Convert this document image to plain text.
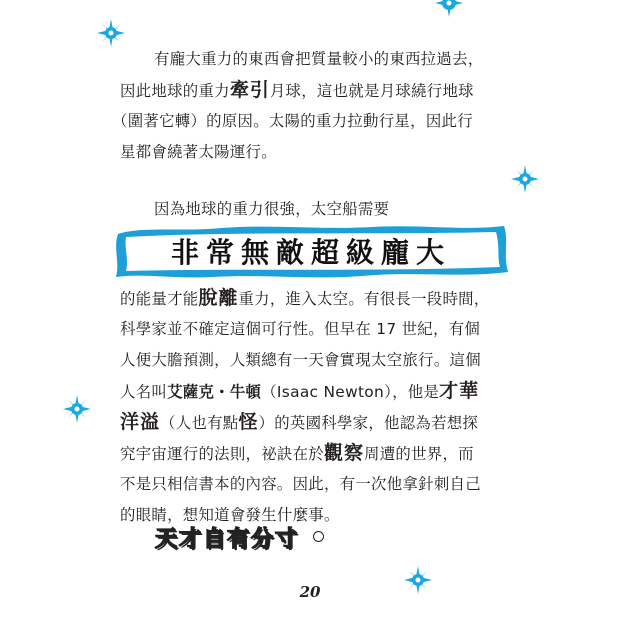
有龐大重力的東西會把質量較小的東西拉過去，
因此地球的重力牽引月球，這也就是月球繞行地球
（圍著它轉）的原因。太陽的重力拉動行星，因此行
星都會繞著太陽運行。
因為地球的重力很強，太空船需要
非常無敵超級龐大
的能量才能脫離重力，進入太空。有很長一段時間，
科學家並不確定這個可行性。但早在 17 世紀，有個
人便大膽預測，人類總有一天會實現太空旅行。這個
人名叫艾薩克・牛頓（Isaac Newton），他是才華
洋溢（人也有點怪）的英國科學家，他認為若想探
究宇宙運行的法則，祕訣在於觀察周遭的世界，而
不是只相信書本的內容。因此，有一次他拿針刺自己
的眼睛，想知道會發生什麼事。
天才自有分寸
20
